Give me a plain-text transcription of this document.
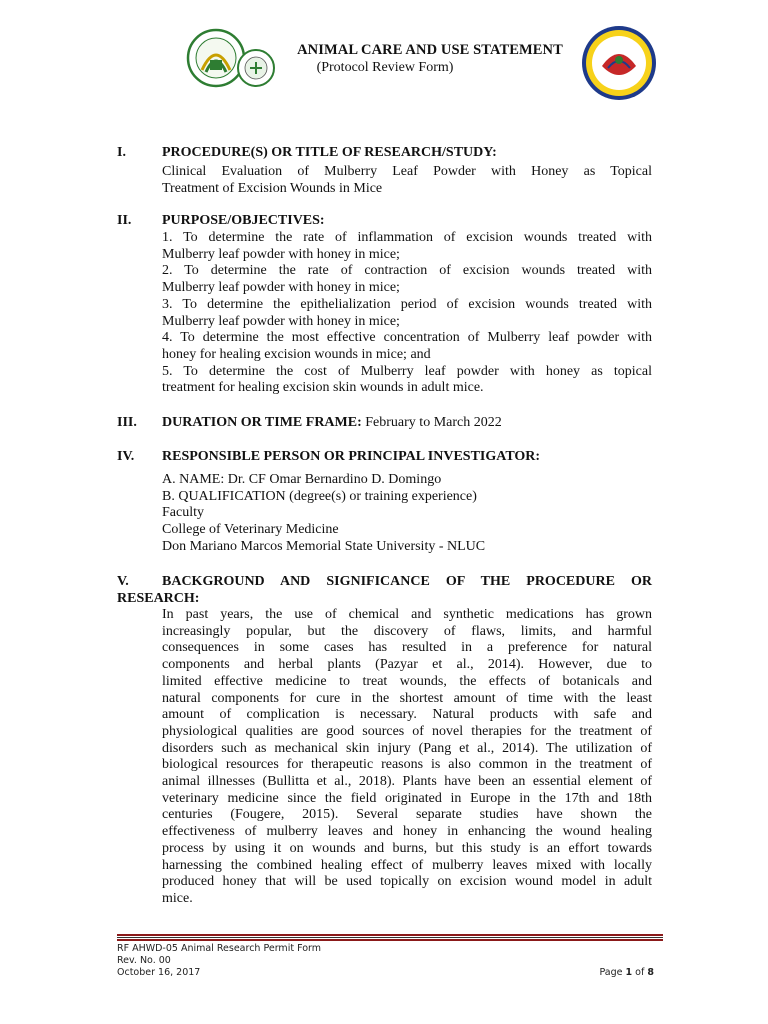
ANIMAL CARE AND USE STATEMENT
(Protocol Review Form)
I.	PROCEDURE(S) OR TITLE OF RESEARCH/STUDY:
Clinical Evaluation of Mulberry Leaf Powder with Honey as Topical
Treatment of Excision Wounds in Mice
II. PURPOSE/OBJECTIVES:
1. To determine the rate of inflammation of excision wounds treated with
Mulberry leaf powder with honey in mice;
2. To determine the rate of contraction of excision wounds treated with
Mulberry leaf powder with honey in mice;
3. To determine the epithelialization period of excision wounds treated with
Mulberry leaf powder with honey in mice;
4. To determine the most effective concentration of Mulberry leaf powder with
honey for healing excision wounds in mice; and
5. To determine the cost of Mulberry leaf powder with honey as topical
treatment for healing excision skin wounds in adult mice.
III. DURATION OR TIME FRAME: February to March 2022
IV. RESPONSIBLE PERSON OR PRINCIPAL INVESTIGATOR:
A. NAME: Dr. CF Omar Bernardino D. Domingo
B. QUALIFICATION (degree(s) or training experience)
Faculty
College of Veterinary Medicine
Don Mariano Marcos Memorial State University - NLUC
V. BACKGROUND AND SIGNIFICANCE OF THE PROCEDURE OR
RESEARCH:
In past years, the use of chemical and synthetic medications has grown
increasingly popular, but the discovery of flaws, limits, and harmful
consequences in some cases has resulted in a preference for natural
components and herbal plants (Pazyar et al., 2014). However, due to
limited effective medicine to treat wounds, the effects of botanicals and
natural components for cure in the shortest amount of time with the least
amount of complication is necessary. Natural products with safe and
physiological qualities are good sources of novel therapies for the treatment of
disorders such as mechanical skin injury (Pang et al., 2014). The utilization of
biological resources for therapeutic reasons is also common in the treatment of
animal illnesses (Bullitta et al., 2018). Plants have been an essential element of
veterinary medicine since the field originated in Europe in the 17th and 18th
centuries (Fougere, 2015). Several separate studies have shown the
effectiveness of mulberry leaves and honey in enhancing the wound healing
process by using it on wounds and burns, but this study is an effort towards
harnessing the combined healing effect of mulberry leaves mixed with locally
produced honey that will be used topically on excision wound model in adult
mice.
RF AHWD-05 Animal Research Permit Form
Rev. No. 00
October 16, 2017	Page 1 of 8
